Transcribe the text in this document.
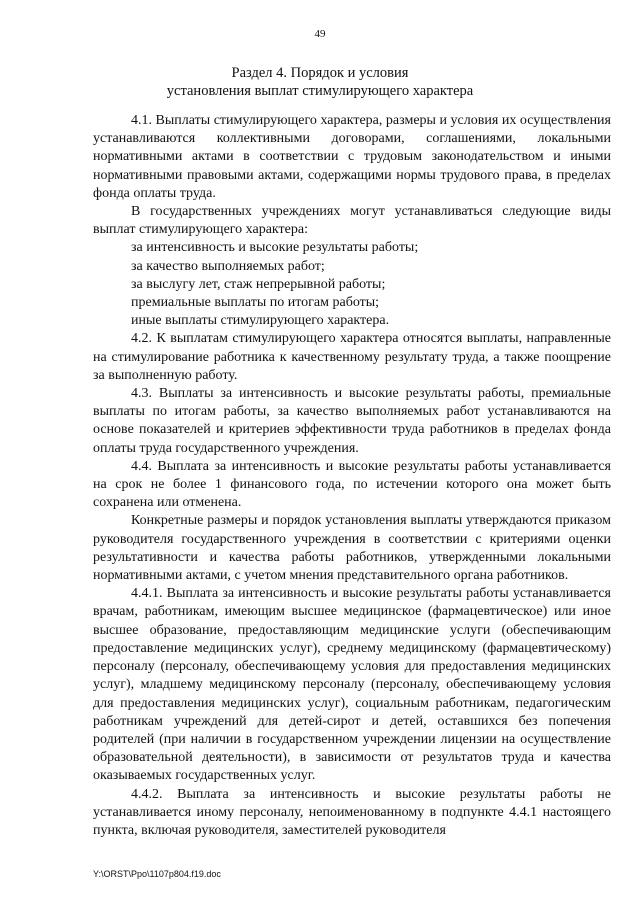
49
Раздел 4. Порядок и условия
установления выплат стимулирующего характера

4.1. Выплаты стимулирующего характера, размеры и условия их осуществления устанавливаются коллективными договорами, соглашениями, локальными нормативными актами в соответствии с трудовым законодательством и иными нормативными правовыми актами, содержащими нормы трудового права, в пределах фонда оплаты труда.

В государственных учреждениях могут устанавливаться следующие виды выплат стимулирующего характера:

за интенсивность и высокие результаты работы;

за качество выполняемых работ;

за выслугу лет, стаж непрерывной работы;

премиальные выплаты по итогам работы;

иные выплаты стимулирующего характера.

4.2. К выплатам стимулирующего характера относятся выплаты, направленные на стимулирование работника к качественному результату труда, а также поощрение за выполненную работу.

4.3. Выплаты за интенсивность и высокие результаты работы, премиальные выплаты по итогам работы, за качество выполняемых работ устанавливаются на основе показателей и критериев эффективности труда работников в пределах фонда оплаты труда государственного учреждения.

4.4. Выплата за интенсивность и высокие результаты работы устанавливается на срок не более 1 финансового года, по истечении которого она может быть сохранена или отменена.

Конкретные размеры и порядок установления выплаты утверждаются приказом руководителя государственного учреждения в соответствии с критериями оценки результативности и качества работы работников, утвержденными локальными нормативными актами, с учетом мнения представительного органа работников.

4.4.1. Выплата за интенсивность и высокие результаты работы устанавливается врачам, работникам, имеющим высшее медицинское (фармацевтическое) или иное высшее образование, предоставляющим медицинские услуги (обеспечивающим предоставление медицинских услуг), среднему медицинскому (фармацевтическому) персоналу (персоналу, обеспечивающему условия для предоставления медицинских услуг), младшему медицинскому персоналу (персоналу, обеспечивающему условия для предоставления медицинских услуг), социальным работникам, педагогическим работникам учреждений для детей-сирот и детей, оставшихся без попечения родителей (при наличии в государственном учреждении лицензии на осуществление образовательной деятельности), в зависимости от результатов труда и качества оказываемых государственных услуг.

4.4.2. Выплата за интенсивность и высокие результаты работы не устанавливается иному персоналу, непоименованному в подпункте 4.4.1 настоящего пункта, включая руководителя, заместителей руководителя

Y:\ORST\Ppo\1107p804.f19.doc
